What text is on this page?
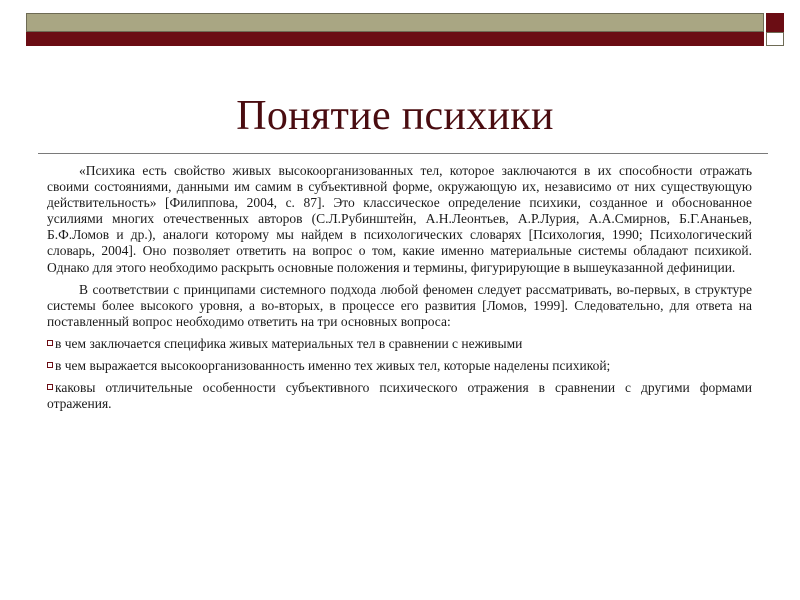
Понятие психики

«Психика есть свойство живых высокоорганизованных тел, которое заключаются в их способности отражать своими состояниями, данными им самим в субъективной форме, окружающую их, независимо от них существующую действительность» [Филиппова, 2004, с. 87]. Это классическое определение психики, созданное и обоснованное усилиями многих отечественных авторов (С.Л.Рубинштейн, А.Н.Леонтьев, А.Р.Лурия, А.А.Смирнов, Б.Г.Ананьев, Б.Ф.Ломов и др.), аналоги которому мы найдем в психологических словарях [Психология, 1990; Психологический словарь, 2004]. Оно позволяет ответить на вопрос о том, какие именно материальные системы обладают психикой. Однако для этого необходимо раскрыть основные положения и термины, фигурирующие в вышеуказанной дефиниции.

В соответствии с принципами системного подхода любой феномен следует рассматривать, во-первых, в структуре системы более высокого уровня, а во-вторых, в процессе его развития [Ломов, 1999]. Следовательно, для ответа на поставленный вопрос необходимо ответить на три основных вопроса:

в чем заключается специфика живых материальных тел в сравнении с неживыми
в чем выражается высокоорганизованность именно тех живых тел, которые наделены психикой;
каковы отличительные особенности субъективного психического отражения в сравнении с другими формами отражения.
